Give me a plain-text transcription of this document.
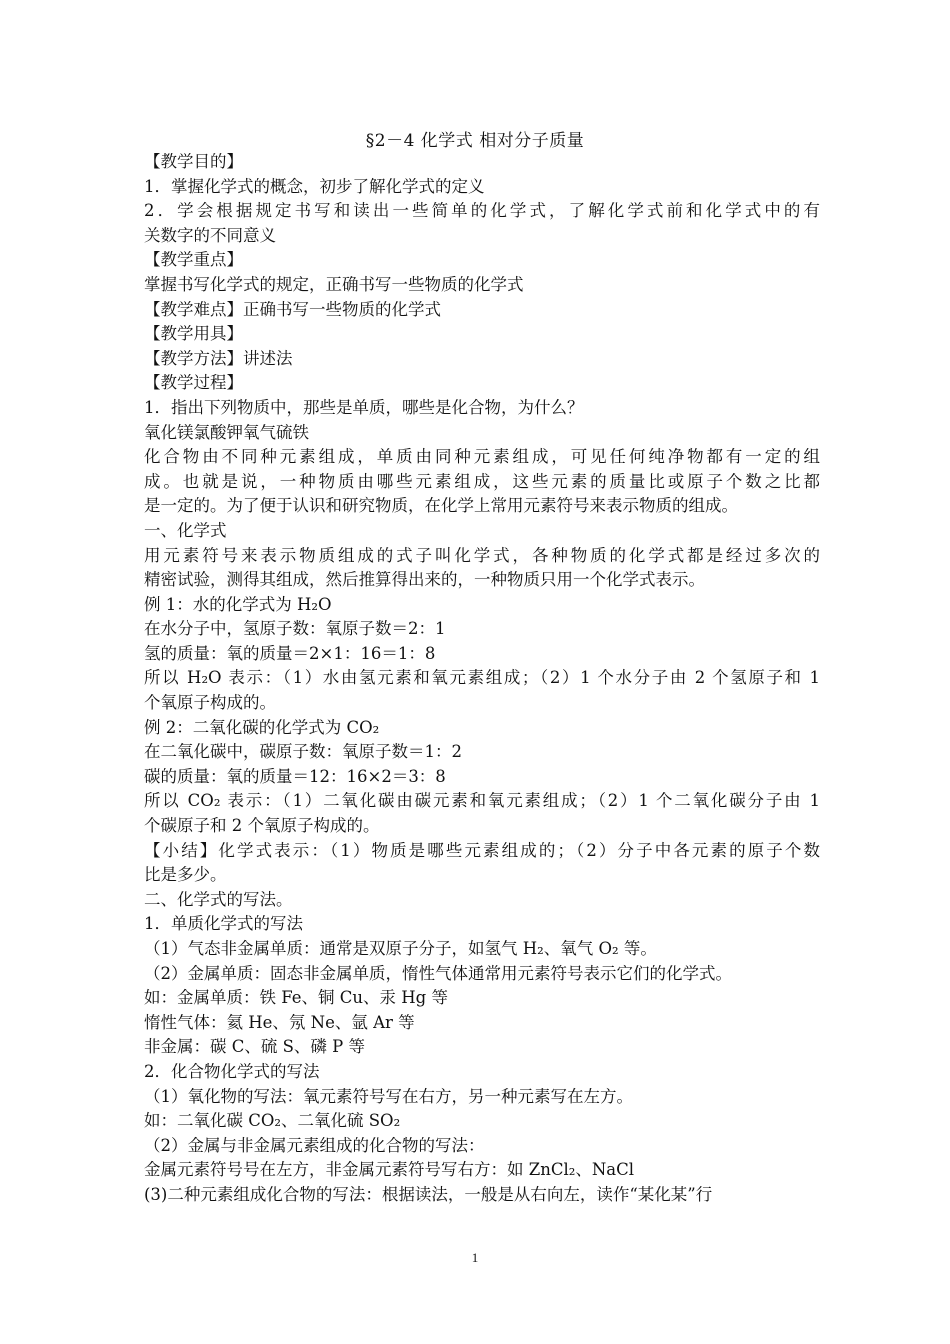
§2－4 化学式 相对分子质量
【教学目的】
1．掌握化学式的概念，初步了解化学式的定义
2．学会根据规定书写和读出一些简单的化学式，了解化学式前和化学式中的有
关数字的不同意义
【教学重点】
掌握书写化学式的规定，正确书写一些物质的化学式
【教学难点】正确书写一些物质的化学式
【教学用具】
【教学方法】讲述法
【教学过程】
1．指出下列物质中，那些是单质，哪些是化合物，为什么？
氧化镁氯酸钾氧气硫铁
化合物由不同种元素组成，单质由同种元素组成，可见任何纯净物都有一定的组
成。也就是说，一种物质由哪些元素组成，这些元素的质量比或原子个数之比都
是一定的。为了便于认识和研究物质，在化学上常用元素符号来表示物质的组成。
一、化学式
用元素符号来表示物质组成的式子叫化学式，各种物质的化学式都是经过多次的
精密试验，测得其组成，然后推算得出来的，一种物质只用一个化学式表示。
例 1：水的化学式为 H₂O
在水分子中，氢原子数：氧原子数＝2：1
氢的质量：氧的质量＝2×1：16＝1：8
所以 H₂O 表示：（1）水由氢元素和氧元素组成；（2）1 个水分子由 2 个氢原子和 1
个氧原子构成的。
例 2：二氧化碳的化学式为 CO₂
在二氧化碳中，碳原子数：氧原子数＝1：2
碳的质量：氧的质量＝12：16×2＝3：8
所以 CO₂ 表示：（1）二氧化碳由碳元素和氧元素组成；（2）1 个二氧化碳分子由 1
个碳原子和 2 个氧原子构成的。
【小结】化学式表示：（1）物质是哪些元素组成的；（2）分子中各元素的原子个数
比是多少。
二、化学式的写法。
1．单质化学式的写法
（1）气态非金属单质：通常是双原子分子，如氢气 H₂、氧气 O₂ 等。
（2）金属单质：固态非金属单质，惰性气体通常用元素符号表示它们的化学式。
如：金属单质：铁 Fe、铜 Cu、汞 Hg 等
惰性气体：氦 He、氖 Ne、氩 Ar 等
非金属：碳 C、硫 S、磷 P 等
2．化合物化学式的写法
（1）氧化物的写法：氧元素符号写在右方，另一种元素写在左方。
如：二氧化碳 CO₂、二氧化硫 SO₂
（2）金属与非金属元素组成的化合物的写法：
金属元素符号号在左方，非金属元素符号写右方：如 ZnCl₂、NaCl
(3)二种元素组成化合物的写法：根据读法，一般是从右向左，读作“某化某”行
1
